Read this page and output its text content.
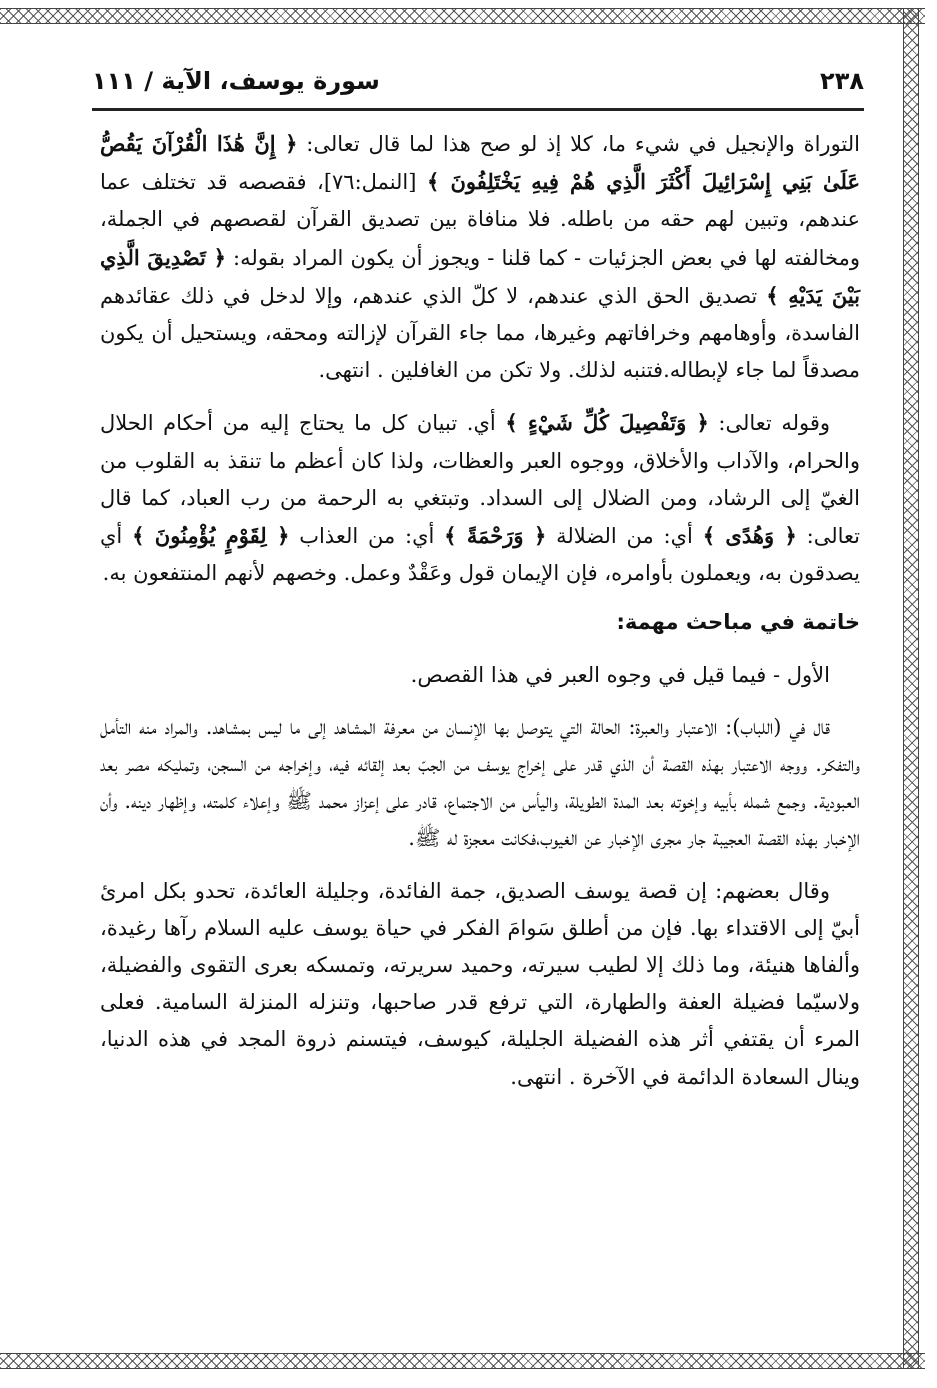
٢٣٨
سورة يوسف، الآية / ١١١

التوراة والإنجيل في شيء ما، كلا إذ لو صح هذا لما قال تعالى: ﴿ إِنَّ هَٰذَا الْقُرْآنَ يَقُصُّ عَلَىٰ بَنِي إِسْرَائِيلَ أَكْثَرَ الَّذِي هُمْ فِيهِ يَخْتَلِفُونَ ﴾ [النمل:٧٦]، فقصصه قد تختلف عما عندهم، وتبين لهم حقه من باطله. فلا منافاة بين تصديق القرآن لقصصهم في الجملة، ومخالفته لها في بعض الجزئيات - كما قلنا - ويجوز أن يكون المراد بقوله: ﴿ تَصْدِيقَ الَّذِي بَيْنَ يَدَيْهِ ﴾ تصديق الحق الذي عندهم، لا كلّ الذي عندهم، وإلا لدخل في ذلك عقائدهم الفاسدة، وأوهامهم وخرافاتهم وغيرها، مما جاء القرآن لإزالته ومحقه، ويستحيل أن يكون مصدقاً لما جاء لإبطاله.فتنبه لذلك. ولا تكن من الغافلين . انتهى.

وقوله تعالى: ﴿ وَتَفْصِيلَ كُلِّ شَيْءٍ ﴾ أي. تبيان كل ما يحتاج إليه من أحكام الحلال والحرام، والآداب والأخلاق، ووجوه العبر والعظات، ولذا كان أعظم ما تنقذ به القلوب من الغيّ إلى الرشاد، ومن الضلال إلى السداد. وتبتغي به الرحمة من رب العباد، كما قال تعالى: ﴿ وَهُدًى ﴾ أي: من الضلالة ﴿ وَرَحْمَةً ﴾ أي: من العذاب ﴿ لِقَوْمٍ يُؤْمِنُونَ ﴾ أي يصدقون به، ويعملون بأوامره، فإن الإيمان قول وعَقْدٌ وعمل. وخصهم لأنهم المنتفعون به.

خاتمة في مباحث مهمة:

الأول - فيما قيل في وجوه العبر في هذا القصص.

قال في (اللباب): الاعتبار والعبرة: الحالة التي يتوصل بها الإنسان من معرفة المشاهد إلى ما ليس بمشاهد. والمراد منه التأمل والتفكر. ووجه الاعتبار بهذه القصة أن الذي قدر على إخراج يوسف من الجبّ بعد إلقائه فيه، وإخراجه من السجن، وتمليكه مصر بعد العبودية. وجمع شمله بأبيه وإخوته بعد المدة الطويلة، واليأس من الاجتماع، قادر على إعزاز محمد ﷺ وإعلاء كلمته، وإظهار دينه. وأن الإخبار بهذه القصة العجيبة جار مجرى الإخبار عن الغيوب،فكانت معجزة له ﷺ.

وقال بعضهم: إن قصة يوسف الصديق، جمة الفائدة، وجليلة العائدة، تحدو بكل امرئ أبيّ إلى الاقتداء بها. فإن من أطلق سَوامَ الفكر في حياة يوسف عليه السلام رآها رغيدة، وألفاها هنيئة، وما ذلك إلا لطيب سيرته، وحميد سريرته، وتمسكه بعرى التقوى والفضيلة، ولاسيّما فضيلة العفة والطهارة، التي ترفع قدر صاحبها، وتنزله المنزلة السامية. فعلى المرء أن يقتفي أثر هذه الفضيلة الجليلة، كيوسف، فيتسنم ذروة المجد في هذه الدنيا، وينال السعادة الدائمة في الآخرة . انتهى.
